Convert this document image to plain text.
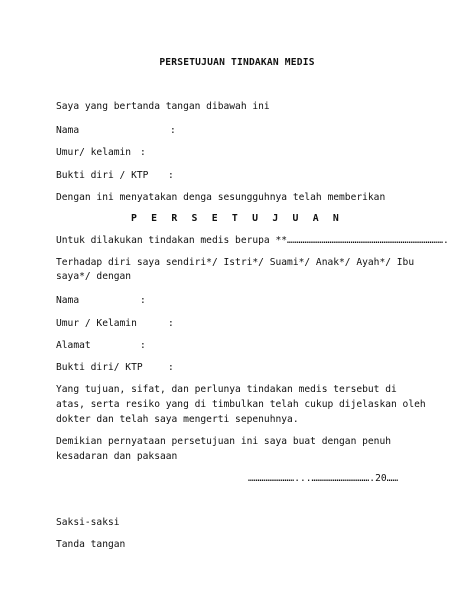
PERSETUJUAN TINDAKAN MEDIS
Saya yang bertanda tangan dibawah ini
Nama	:
Umur/ kelamin :
Bukti diri / KTP :
Dengan ini menyatakan denga sesungguhnya telah memberikan
P E R S E T U J U A N
Untuk dilakukan tindakan medis berupa **……………………………………………………………………….
Terhadap diri saya sendiri*/ Istri*/ Suami*/ Anak*/ Ayah*/ Ibu
saya*/ dengan
Nama	:
Umur / Kelamin	:
Alamat	:
Bukti diri/ KTP	:
Yang tujuan, sifat, dan perlunya tindakan medis tersebut di
atas, serta resiko yang di timbulkan telah cukup dijelaskan oleh
dokter dan telah saya mengerti sepenuhnya.
Demikian pernyataan persetujuan ini saya buat dengan penuh
kesadaran dan paksaan
……………………...………………………….20……
Saksi-saksi
Tanda tangan
